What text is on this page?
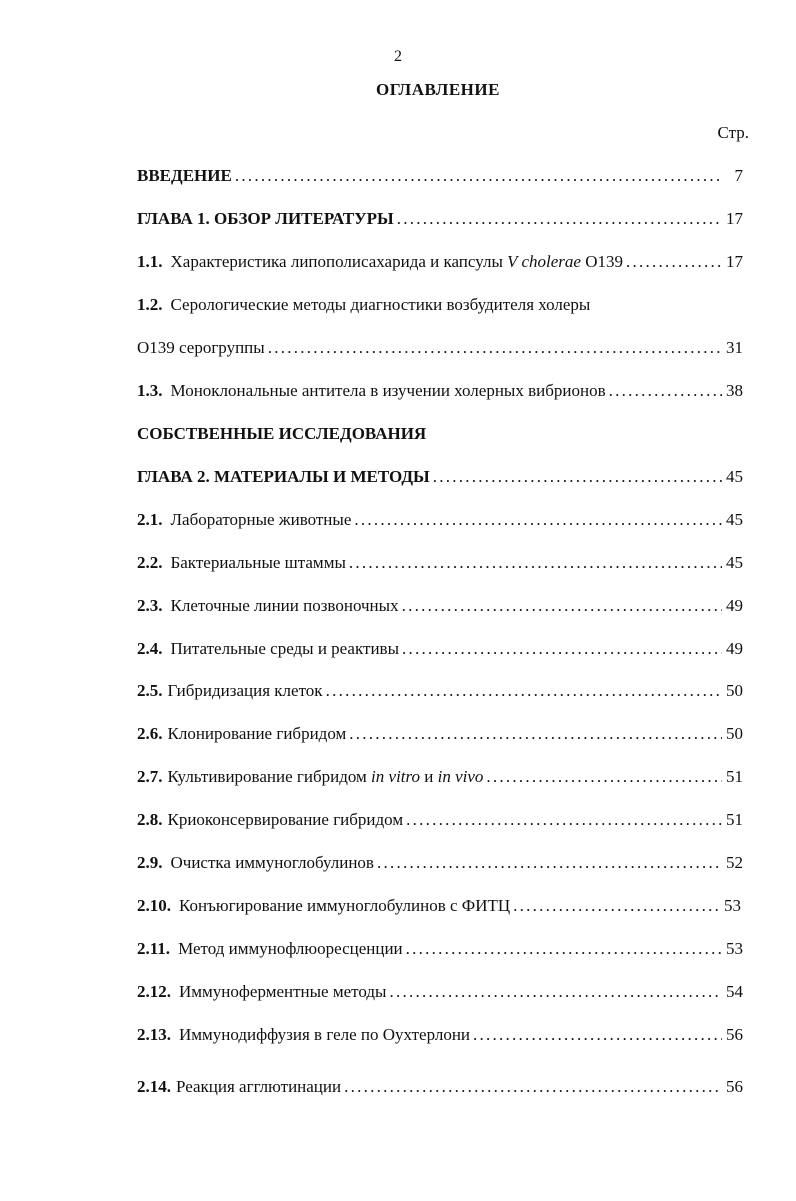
2
ОГЛАВЛЕНИЕ
Стр.
ВВЕДЕНИЕ . . .	7
ГЛАВА 1. ОБЗОР ЛИТЕРАТУРЫ . . .	17
1.1. Характеристика липополисахарида и капсулы V cholerae O139 . . .	17
1.2. Серологические методы диагностики возбудителя холеры
O139 серогруппы . . .	31
1.3. Моноклональные антитела в изучении холерных вибрионов . . .	38
СОБСТВЕННЫЕ ИССЛЕДОВАНИЯ
ГЛАВА 2. МАТЕРИАЛЫ И МЕТОДЫ . . .	45
2.1. Лабораторные животные . . .	45
2.2. Бактериальные штаммы . . .	45
2.3. Клеточные линии позвоночных . . .	49
2.4. Питательные среды и реактивы . . .	49
2.5. Гибридизация клеток . . .	50
2.6. Клонирование гибридом . . .	50
2.7. Культивирование гибридом in vitro и in vivo . . .	51
2.8. Криоконсервирование гибридом . . .	51
2.9. Очистка иммуноглобулинов . . .	52
2.10. Конъюгирование иммуноглобулинов с ФИТЦ . . .	53
2.11. Метод иммунофлюоресценции . . .	53
2.12. Иммуноферментные методы . . .	54
2.13. Иммунодиффузия в геле по Оухтерлони . . .	56
2.14. Реакция агглютинации . . .	56
